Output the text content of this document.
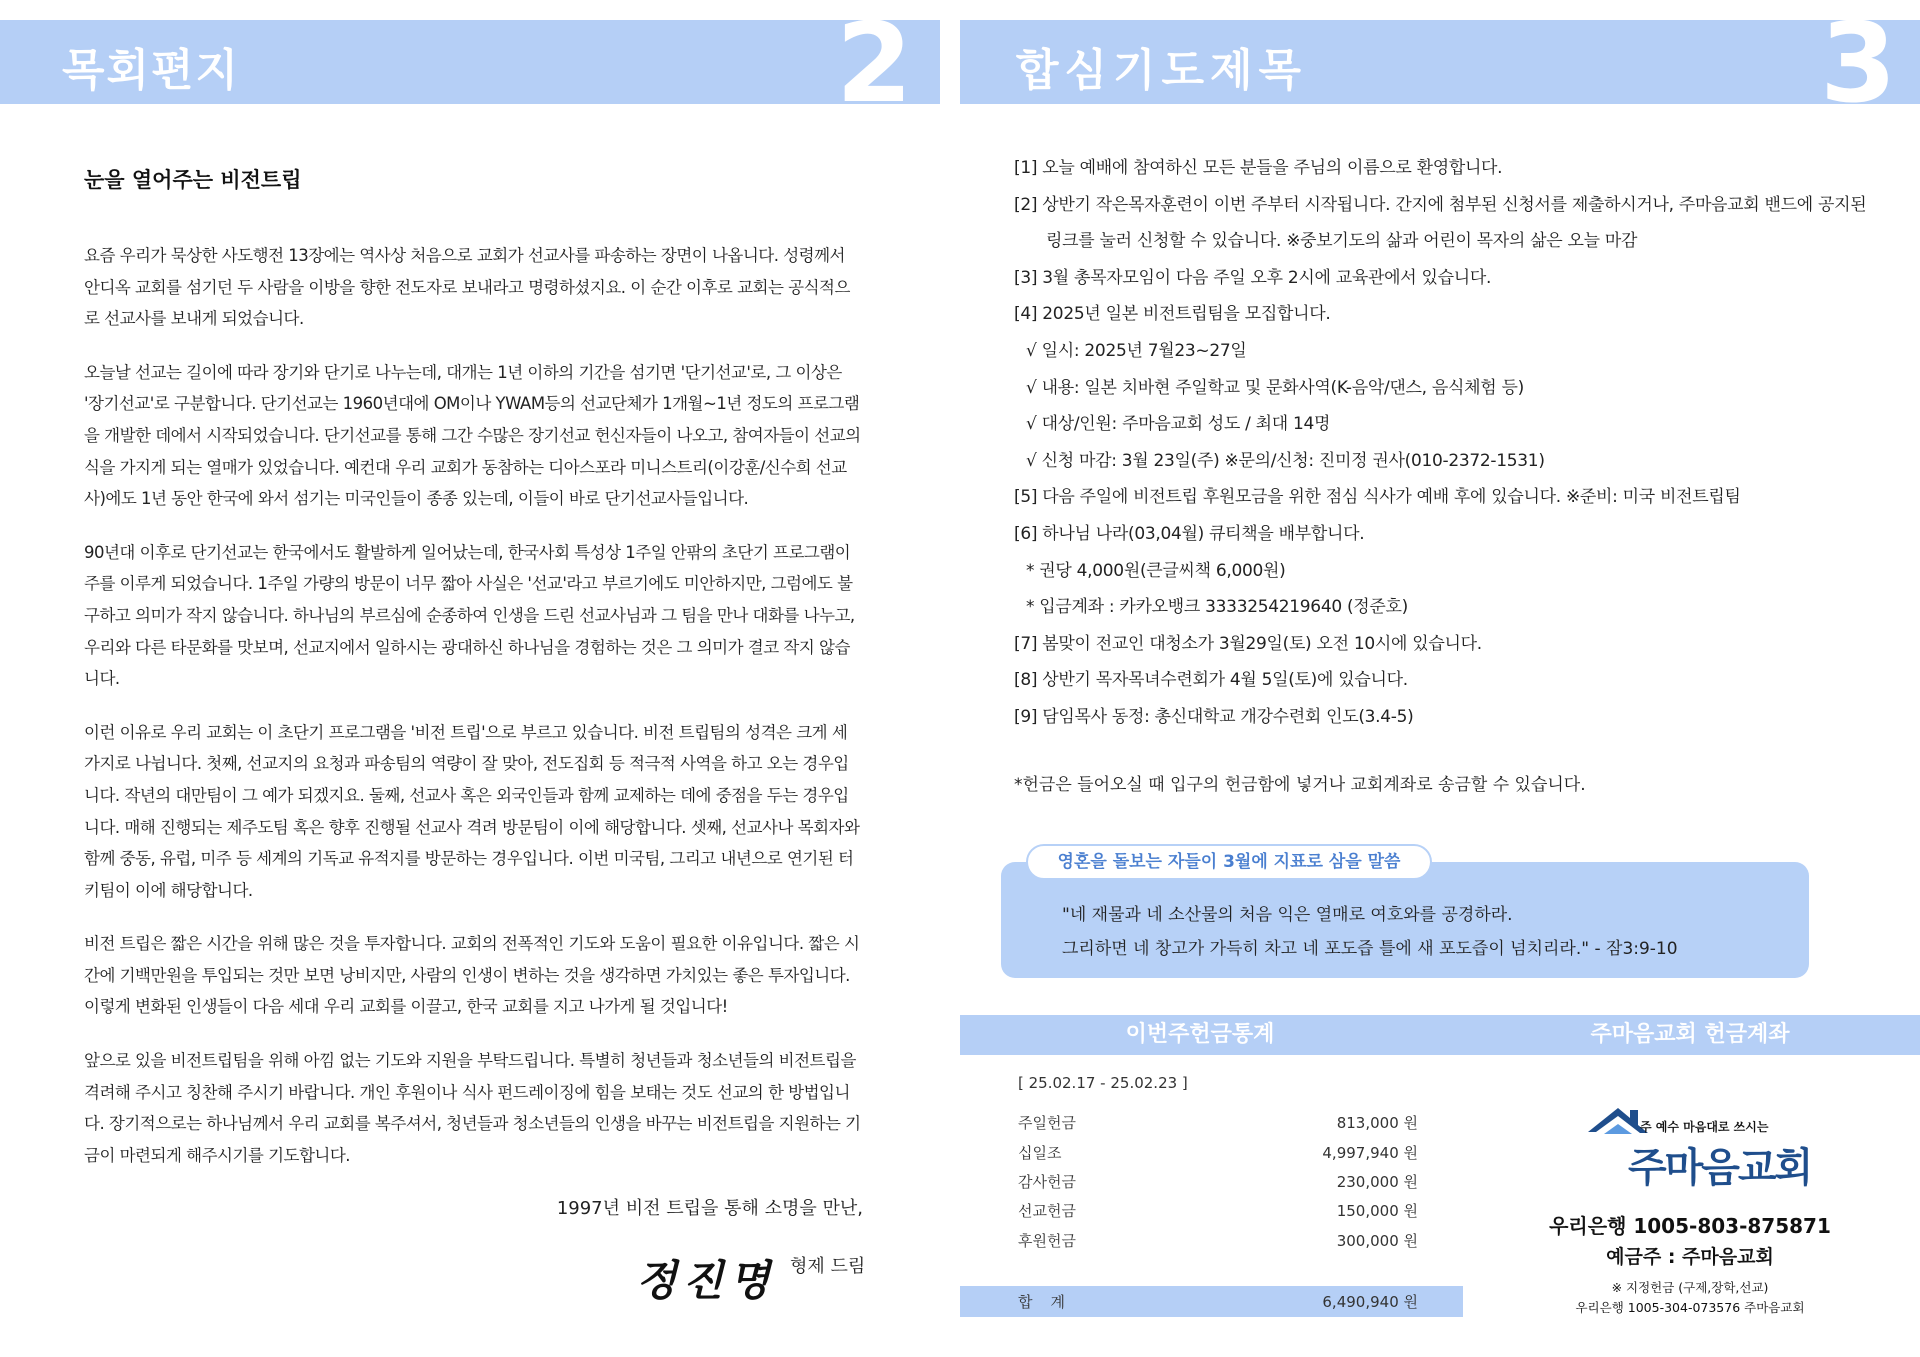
목회편지	2
눈을 열어주는 비전트립

요즘 우리가 묵상한 사도행전 13장에는 역사상 처음으로 교회가 선교사를 파송하는 장면이 나옵니다. 성령께서 안디옥 교회를 섬기던 두 사람을 이방을 향한 전도자로 보내라고 명령하셨지요. 이 순간 이후로 교회는 공식적으로 선교사를 보내게 되었습니다.

오늘날 선교는 길이에 따라 장기와 단기로 나누는데, 대개는 1년 이하의 기간을 섬기면 '단기선교'로, 그 이상은 '장기선교'로 구분합니다. 단기선교는 1960년대에 OM이나 YWAM등의 선교단체가 1개월~1년 정도의 프로그램을 개발한 데에서 시작되었습니다. 단기선교를 통해 그간 수많은 장기선교 헌신자들이 나오고, 참여자들이 선교의식을 가지게 되는 열매가 있었습니다. 예컨대 우리 교회가 동참하는 디아스포라 미니스트리(이강훈/신수희 선교사)에도 1년 동안 한국에 와서 섬기는 미국인들이 종종 있는데, 이들이 바로 단기선교사들입니다.

90년대 이후로 단기선교는 한국에서도 활발하게 일어났는데, 한국사회 특성상 1주일 안팎의 초단기 프로그램이 주를 이루게 되었습니다. 1주일 가량의 방문이 너무 짧아 사실은 '선교'라고 부르기에도 미안하지만, 그럼에도 불구하고 의미가 작지 않습니다. 하나님의 부르심에 순종하여 인생을 드린 선교사님과 그 팀을 만나 대화를 나누고, 우리와 다른 타문화를 맛보며, 선교지에서 일하시는 광대하신 하나님을 경험하는 것은 그 의미가 결코 작지 않습니다.

이런 이유로 우리 교회는 이 초단기 프로그램을 '비전 트립'으로 부르고 있습니다. 비전 트립팀의 성격은 크게 세 가지로 나뉩니다. 첫째, 선교지의 요청과 파송팀의 역량이 잘 맞아, 전도집회 등 적극적 사역을 하고 오는 경우입니다. 작년의 대만팀이 그 예가 되겠지요. 둘째, 선교사 혹은 외국인들과 함께 교제하는 데에 중점을 두는 경우입니다. 매해 진행되는 제주도팀 혹은 향후 진행될 선교사 격려 방문팀이 이에 해당합니다. 셋째, 선교사나 목회자와 함께 중동, 유럽, 미주 등 세계의 기독교 유적지를 방문하는 경우입니다. 이번 미국팀, 그리고 내년으로 연기된 터키팀이 이에 해당합니다.

비전 트립은 짧은 시간을 위해 많은 것을 투자합니다. 교회의 전폭적인 기도와 도움이 필요한 이유입니다. 짧은 시간에 기백만원을 투입되는 것만 보면 낭비지만, 사람의 인생이 변하는 것을 생각하면 가치있는 좋은 투자입니다. 이렇게 변화된 인생들이 다음 세대 우리 교회를 이끌고, 한국 교회를 지고 나가게 될 것입니다!

앞으로 있을 비전트립팀을 위해 아낌 없는 기도와 지원을 부탁드립니다. 특별히 청년들과 청소년들의 비전트립을 격려해 주시고 칭찬해 주시기 바랍니다. 개인 후원이나 식사 펀드레이징에 힘을 보태는 것도 선교의 한 방법입니다. 장기적으로는 하나님께서 우리 교회를 복주셔서, 청년들과 청소년들의 인생을 바꾸는 비전트립을 지원하는 기금이 마련되게 해주시기를 기도합니다.

1997년 비전 트립을 통해 소명을 만난,
정진명 형제 드림
합심기도제목	3
[1] 오늘 예배에 참여하신 모든 분들을 주님의 이름으로 환영합니다.
[2] 상반기 작은목자훈련이 이번 주부터 시작됩니다. 간지에 첨부된 신청서를 제출하시거나, 주마음교회 밴드에 공지된
링크를 눌러 신청할 수 있습니다. ※중보기도의 삶과 어린이 목자의 삶은 오늘 마감
[3] 3월 총목자모임이 다음 주일 오후 2시에 교육관에서 있습니다.
[4] 2025년 일본 비전트립팀을 모집합니다.
√ 일시: 2025년 7월23~27일
√ 내용: 일본 치바현 주일학교 및 문화사역(K-음악/댄스, 음식체험 등)
√ 대상/인원: 주마음교회 성도 / 최대 14명
√ 신청 마감: 3월 23일(주) ※문의/신청: 진미정 권사(010-2372-1531)
[5] 다음 주일에 비전트립 후원모금을 위한 점심 식사가 예배 후에 있습니다. ※준비: 미국 비전트립팀
[6] 하나님 나라(03,04월) 큐티책을 배부합니다.
* 권당 4,000원(큰글씨책 6,000원)
* 입금계좌 : 카카오뱅크 3333254219640 (정준호)
[7] 봄맞이 전교인 대청소가 3월29일(토) 오전 10시에 있습니다.
[8] 상반기 목자목녀수련회가 4월 5일(토)에 있습니다.
[9] 담임목사 동정: 총신대학교 개강수련회 인도(3.4-5)
*헌금은 들어오실 때 입구의 헌금함에 넣거나 교회계좌로 송금할 수 있습니다.
영혼을 돌보는 자들이 3월에 지표로 삼을 말씀
"네 재물과 네 소산물의 처음 익은 열매로 여호와를 공경하라.
그리하면 네 창고가 가득히 차고 네 포도즙 틀에 새 포도즙이 넘치리라." - 잠3:9-10
이번주헌금통계	주마음교회 헌금계좌
[ 25.02.17 - 25.02.23 ]
주일헌금	813,000 원
십일조	4,997,940 원
감사헌금	230,000 원
선교헌금	150,000 원
후원헌금	300,000 원
합계	6,490,940 원
주 예수 마음대로 쓰시는
주마음교회
우리은행 1005-803-875871
예금주 : 주마음교회
※ 지정헌금 (구제,장학,선교)
우리은행 1005-304-073576 주마음교회
